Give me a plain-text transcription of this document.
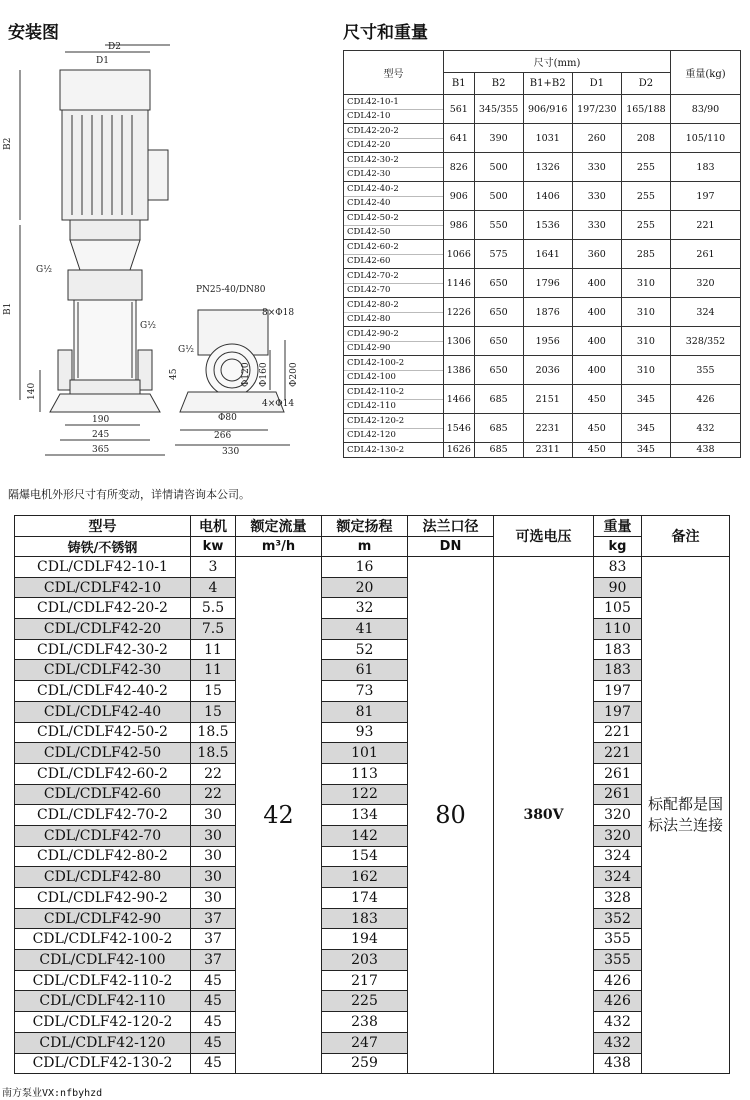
安装图	尺寸和重量
D2
D1
B2
B1
G½
G½
140
190
245
365
PN25-40/DN80
8×Φ18
G½
45	Φ120 Φ160 Φ200
4×Φ14
Φ80
266
330
型号	尺寸(mm)					重量(kg)
	B1	B2	B1+B2	D1	D2	
CDL42-10-1	561	345/355	906/916	197/230	165/188	83/90
CDL42-10						
CDL42-20-2	641	390	1031	260	208	105/110
CDL42-20						
CDL42-30-2	826	500	1326	330	255	183
CDL42-30						
CDL42-40-2	906	500	1406	330	255	197
CDL42-40						
CDL42-50-2	986	550	1536	330	255	221
CDL42-50						
CDL42-60-2	1066	575	1641	360	285	261
CDL42-60						
CDL42-70-2	1146	650	1796	400	310	320
CDL42-70						
CDL42-80-2	1226	650	1876	400	310	324
CDL42-80						
CDL42-90-2	1306	650	1956	400	310	328/352
CDL42-90						
CDL42-100-2	1386	650	2036	400	310	355
CDL42-100						
CDL42-110-2	1466	685	2151	450	345	426
CDL42-110						
CDL42-120-2	1546	685	2231	450	345	432
CDL42-120						
CDL42-130-2	1626	685	2311	450	345	438
隔爆电机外形尺寸有所变动，详情请咨询本公司。
型号	电机	额定流量	额定扬程	法兰口径	可选电压	重量	备注
铸铁/不锈钢	kw	m³/h	m	DN		kg	
CDL/CDLF42-10-1	3	42	16	80	380V	83	标配都是国标法兰连接

CDL/CDLF42-10	4		20			90	
CDL/CDLF42-20-2	5.5		32			105	
CDL/CDLF42-20	7.5		41			110	
CDL/CDLF42-30-2	11		52			183	
CDL/CDLF42-30	11		61			183	
CDL/CDLF42-40-2	15		73			197	
CDL/CDLF42-40	15		81			197	
CDL/CDLF42-50-2	18.5		93			221	
CDL/CDLF42-50	18.5		101			221	
CDL/CDLF42-60-2	22		113			261	
CDL/CDLF42-60	22		122			261	
CDL/CDLF42-70-2	30		134			320	
CDL/CDLF42-70	30		142			320	
CDL/CDLF42-80-2	30		154			324	
CDL/CDLF42-80	30		162			324	
CDL/CDLF42-90-2	30		174			328	
CDL/CDLF42-90	37		183			352	
CDL/CDLF42-100-2	37		194			355	
CDL/CDLF42-100	37		203			355	
CDL/CDLF42-110-2	45		217			426	
CDL/CDLF42-110	45		225			426	
CDL/CDLF42-120-2	45		238			432	
CDL/CDLF42-120	45		247			432	
CDL/CDLF42-130-2	45		259			438	
南方泵业VX:nfbyhzd
